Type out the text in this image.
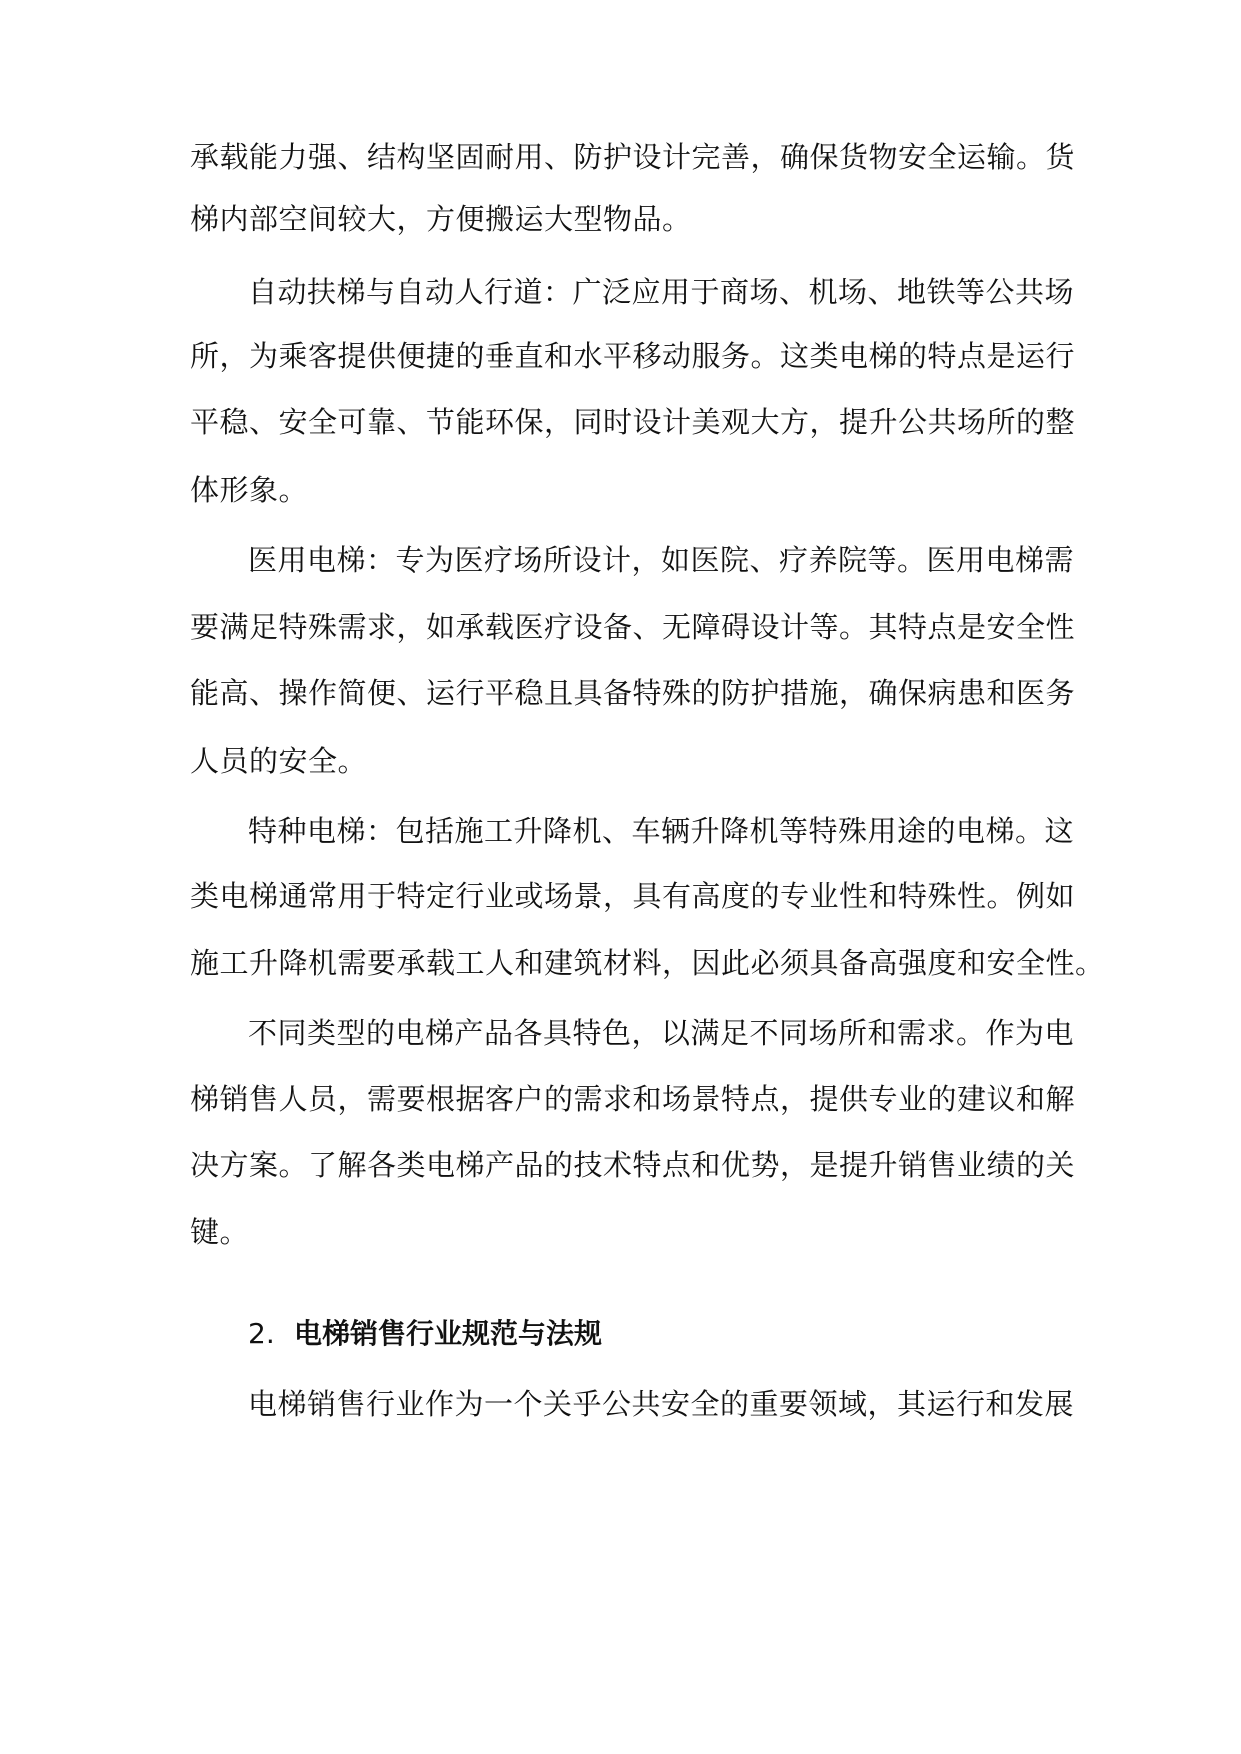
承载能力强、结构坚固耐用、防护设计完善，确保货物安全运输。货
梯内部空间较大，方便搬运大型物品。
自动扶梯与自动人行道：广泛应用于商场、机场、地铁等公共场
所，为乘客提供便捷的垂直和水平移动服务。这类电梯的特点是运行
平稳、安全可靠、节能环保，同时设计美观大方，提升公共场所的整
体形象。
医用电梯：专为医疗场所设计，如医院、疗养院等。医用电梯需
要满足特殊需求，如承载医疗设备、无障碍设计等。其特点是安全性
能高、操作简便、运行平稳且具备特殊的防护措施，确保病患和医务
人员的安全。
特种电梯：包括施工升降机、车辆升降机等特殊用途的电梯。这
类电梯通常用于特定行业或场景，具有高度的专业性和特殊性。例如
施工升降机需要承载工人和建筑材料，因此必须具备高强度和安全性。
不同类型的电梯产品各具特色，以满足不同场所和需求。作为电
梯销售人员，需要根据客户的需求和场景特点，提供专业的建议和解
决方案。了解各类电梯产品的技术特点和优势，是提升销售业绩的关
键。
2. 电梯销售行业规范与法规
电梯销售行业作为一个关乎公共安全的重要领域，其运行和发展
